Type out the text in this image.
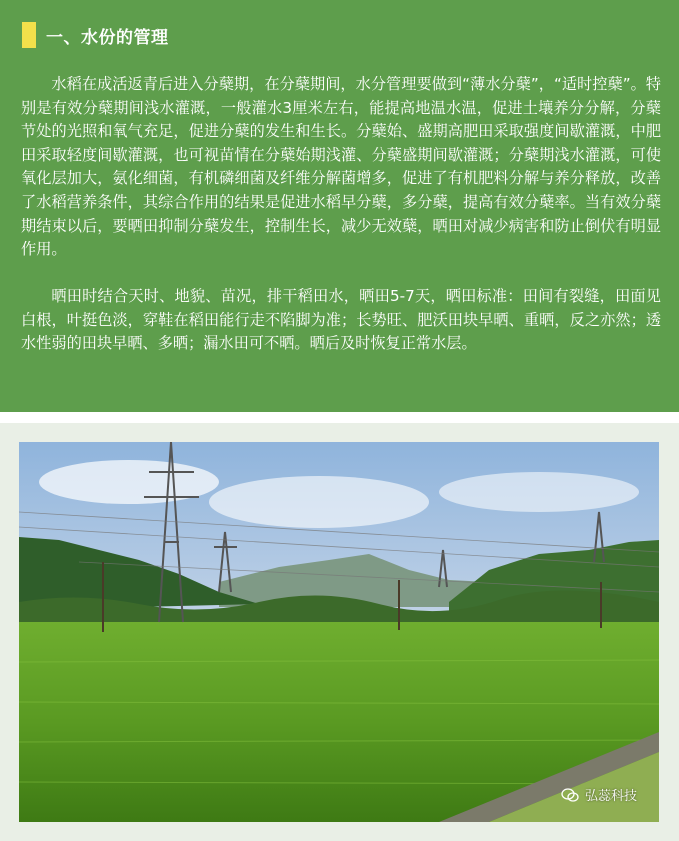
一、水份的管理

水稻在成活返青后进入分蘖期，在分蘖期间，水分管理要做到“薄水分蘖”，“适时控蘖”。特别是有效分蘖期间浅水灌溉，一般灌水3厘米左右，能提高地温水温，促进土壤养分分解，分蘖节处的光照和氧气充足，促进分蘖的发生和生长。分蘖始、盛期高肥田采取强度间歇灌溉，中肥田采取轻度间歇灌溉，也可视苗情在分蘖始期浅灌、分蘖盛期间歇灌溉；分蘖期浅水灌溉，可使氧化层加大，氨化细菌，有机磷细菌及纤维分解菌增多，促进了有机肥料分解与养分释放，改善了水稻营养条件，其综合作用的结果是促进水稻早分蘖，多分蘖，提高有效分蘖率。当有效分蘖期结束以后，要晒田抑制分蘖发生，控制生长，减少无效蘖，晒田对减少病害和防止倒伏有明显作用。

晒田时结合天时、地貌、苗况，排干稻田水，晒田5-7天，晒田标准：田间有裂缝，田面见白根，叶挺色淡，穿鞋在稻田能行走不陷脚为准；长势旺、肥沃田块早晒、重晒，反之亦然；透水性弱的田块早晒、多晒；漏水田可不晒。晒后及时恢复正常水层。

弘蕊科技
